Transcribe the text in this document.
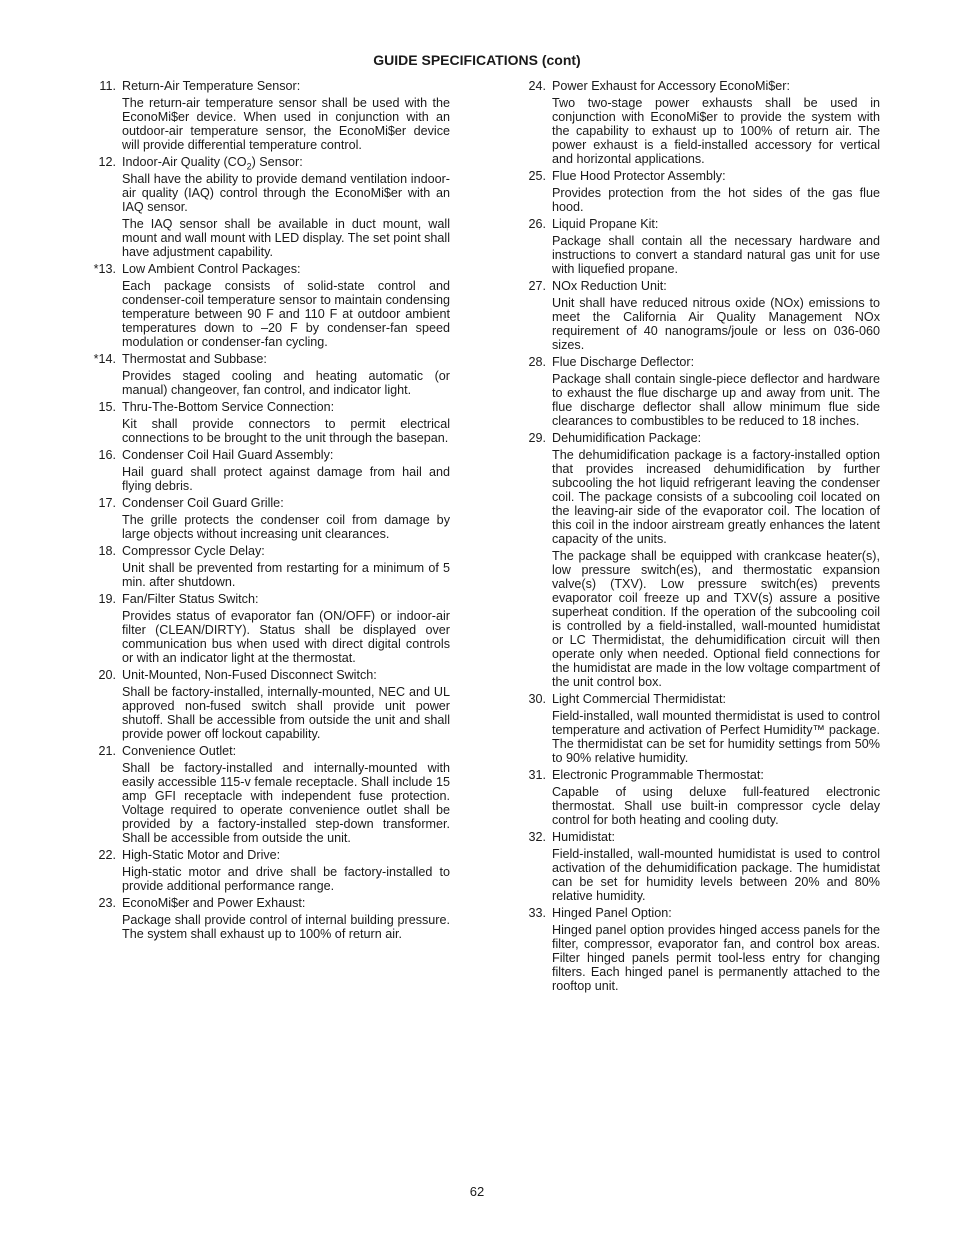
GUIDE SPECIFICATIONS (cont)
11. Return-Air Temperature Sensor:

The return-air temperature sensor shall be used with the EconoMi$er device. When used in conjunction with an outdoor-air temperature sensor, the EconoMi$er device will provide differential temperature control.

12. Indoor-Air Quality $(CO_2)$ Sensor:

Shall have the ability to provide demand ventilation indoor-air quality (IAQ) control through the EconoMi$er with an IAQ sensor.

The IAQ sensor shall be available in duct mount, wall mount and wall mount with LED display. The set point shall have adjustment capability.

*13. Low Ambient Control Packages:

Each package consists of solid-state control and condenser-coil temperature sensor to maintain condensing temperature between 90 F and 110 F at outdoor ambient temperatures down to –20 F by condenser-fan speed modulation or condenser-fan cycling.

*14. Thermostat and Subbase:

Provides staged cooling and heating automatic (or manual) changeover, fan control, and indicator light.

15. Thru-The-Bottom Service Connection:

Kit shall provide connectors to permit electrical connections to be brought to the unit through the basepan.

16. Condenser Coil Hail Guard Assembly:

Hail guard shall protect against damage from hail and flying debris.

17. Condenser Coil Guard Grille:

The grille protects the condenser coil from damage by large objects without increasing unit clearances.

18. Compressor Cycle Delay:

Unit shall be prevented from restarting for a minimum of 5 min. after shutdown.

19. Fan/Filter Status Switch:

Provides status of evaporator fan (ON/OFF) or indoor-air filter (CLEAN/DIRTY). Status shall be displayed over communication bus when used with direct digital controls or with an indicator light at the thermostat.

20. Unit-Mounted, Non-Fused Disconnect Switch:

Shall be factory-installed, internally-mounted, NEC and UL approved non-fused switch shall provide unit power shutoff. Shall be accessible from outside the unit and shall provide power off lockout capability.

21. Convenience Outlet:

Shall be factory-installed and internally-mounted with easily accessible 115-v female receptacle. Shall include 15 amp GFI receptacle with independent fuse protection. Voltage required to operate convenience outlet shall be provided by a factory-installed step-down transformer. Shall be accessible from outside the unit.

22. High-Static Motor and Drive:

High-static motor and drive shall be factory-installed to provide additional performance range.

23. EconoMi$er and Power Exhaust:

Package shall provide control of internal building pressure. The system shall exhaust up to 100% of return air.

24. Power Exhaust for Accessory EconoMi$er:

Two two-stage power exhausts shall be used in conjunction with EconoMi$er to provide the system with the capability to exhaust up to 100% of return air. The power exhaust is a field-installed accessory for vertical and horizontal applications.

25. Flue Hood Protector Assembly:

Provides protection from the hot sides of the gas flue hood.

26. Liquid Propane Kit:

Package shall contain all the necessary hardware and instructions to convert a standard natural gas unit for use with liquefied propane.

27. NOx Reduction Unit:

Unit shall have reduced nitrous oxide (NOx) emissions to meet the California Air Quality Management NOx requirement of 40 nanograms/joule or less on 036-060 sizes.

28. Flue Discharge Deflector:

Package shall contain single-piece deflector and hardware to exhaust the flue discharge up and away from unit. The flue discharge deflector shall allow minimum flue side clearances to combustibles to be reduced to 18 inches.

29. Dehumidification Package:

The dehumidification package is a factory-installed option that provides increased dehumidification by further subcooling the hot liquid refrigerant leaving the condenser coil. The package consists of a subcooling coil located on the leaving-air side of the evaporator coil. The location of this coil in the indoor airstream greatly enhances the latent capacity of the units.

The package shall be equipped with crankcase heater(s), low pressure switch(es), and thermostatic expansion valve(s) (TXV). Low pressure switch(es) prevents evaporator coil freeze up and TXV(s) assure a positive superheat condition. If the operation of the subcooling coil is controlled by a field-installed, wall-mounted humidistat or LC Thermidistat, the dehumidification circuit will then operate only when needed. Optional field connections for the humidistat are made in the low voltage compartment of the unit control box.

30. Light Commercial Thermidistat:

Field-installed, wall mounted thermidistat is used to control temperature and activation of Perfect Humidity™ package. The thermidistat can be set for humidity settings from 50% to 90% relative humidity.

31. Electronic Programmable Thermostat:

Capable of using deluxe full-featured electronic thermostat. Shall use built-in compressor cycle delay control for both heating and cooling duty.

32. Humidistat:

Field-installed, wall-mounted humidistat is used to control activation of the dehumidification package. The humidistat can be set for humidity levels between 20% and 80% relative humidity.

33. Hinged Panel Option:

Hinged panel option provides hinged access panels for the filter, compressor, evaporator fan, and control box areas. Filter hinged panels permit tool-less entry for changing filters. Each hinged panel is permanently attached to the rooftop unit.

62
